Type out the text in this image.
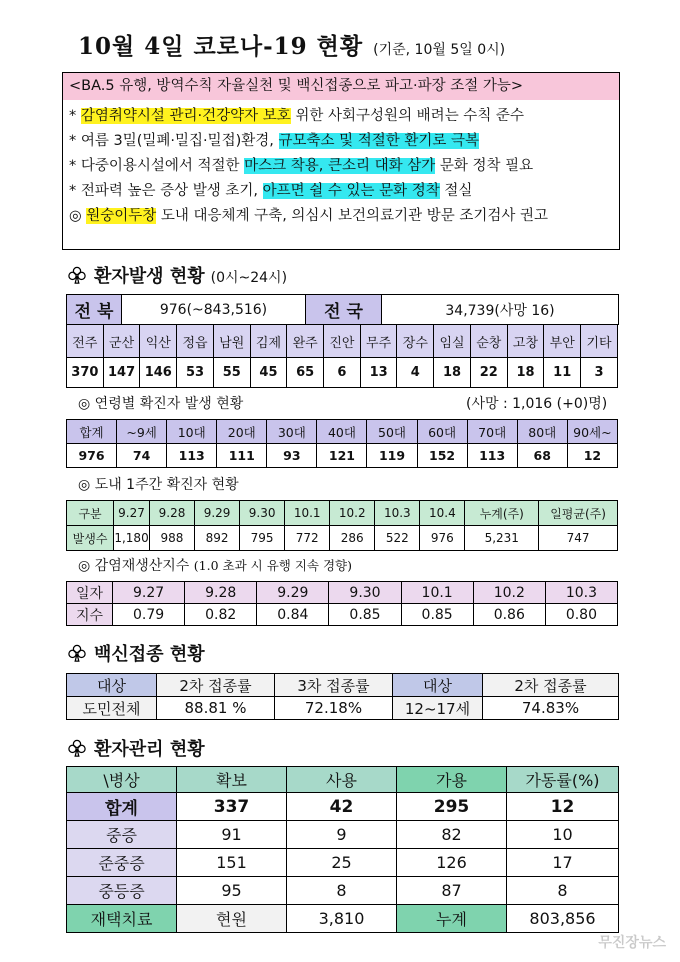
10월 4일 코로나-19 현황 (기준, 10월 5일 0시)
<BA.5 유행, 방역수칙 자율실천 및 백신접종으로 파고·파장 조절 가능>
* 감염취약시설 관리·건강약자 보호 위한 사회구성원의 배려는 수칙 준수
* 여름 3밀(밀폐·밀집·밀접)환경, 규모축소 및 적절한 환기로 극복
* 다중이용시설에서 적절한 마스크 착용, 큰소리 대화 삼가 문화 정착 필요
* 전파력 높은 증상 발생 초기, 아프면 쉴 수 있는 문화 정착 절실
◎ 원숭이두창 도내 대응체계 구축, 의심시 보건의료기관 방문 조기검사 권고
환자발생 현황 (0시~24시)
전 북	976(~843,516)	전 국	34,739(사망 16)
전주	군산	익산	정읍	남원	김제	완주	진안	무주	장수	임실	순창	고창	부안	기타
370	147	146	53	55	45	65	6	13	4	18	22	18	11	3
◎ 연령별 확진자 발생 현황	(사망 : 1,016 (+0)명)
합계	~9세	10대	20대	30대	40대	50대	60대	70대	80대	90세~
976	74	113	111	93	121	119	152	113	68	12
◎ 도내 1주간 확진자 현황
구분	9.27	9.28	9.29	9.30	10.1	10.2	10.3	10.4	누계(주)	일평균(주)
발생수	1,180	988	892	795	772	286	522	976	5,231	747
◎ 감염재생산지수 (1.0 초과 시 유행 지속 경향)
일자	9.27	9.28	9.29	9.30	10.1	10.2	10.3
지수	0.79	0.82	0.84	0.85	0.85	0.86	0.80
백신접종 현황
대상	2차 접종률	3차 접종률	대상	2차 접종률
도민전체	88.81 %	72.18%	12~17세	74.83%
환자관리 현황
\병상	확보	사용	가용	가동률(%)
합계	337	42	295	12
중증	91	9	82	10
준중증	151	25	126	17
중등증	95	8	87	8
재택치료	현원	3,810	누계	803,856
무진장뉴스
